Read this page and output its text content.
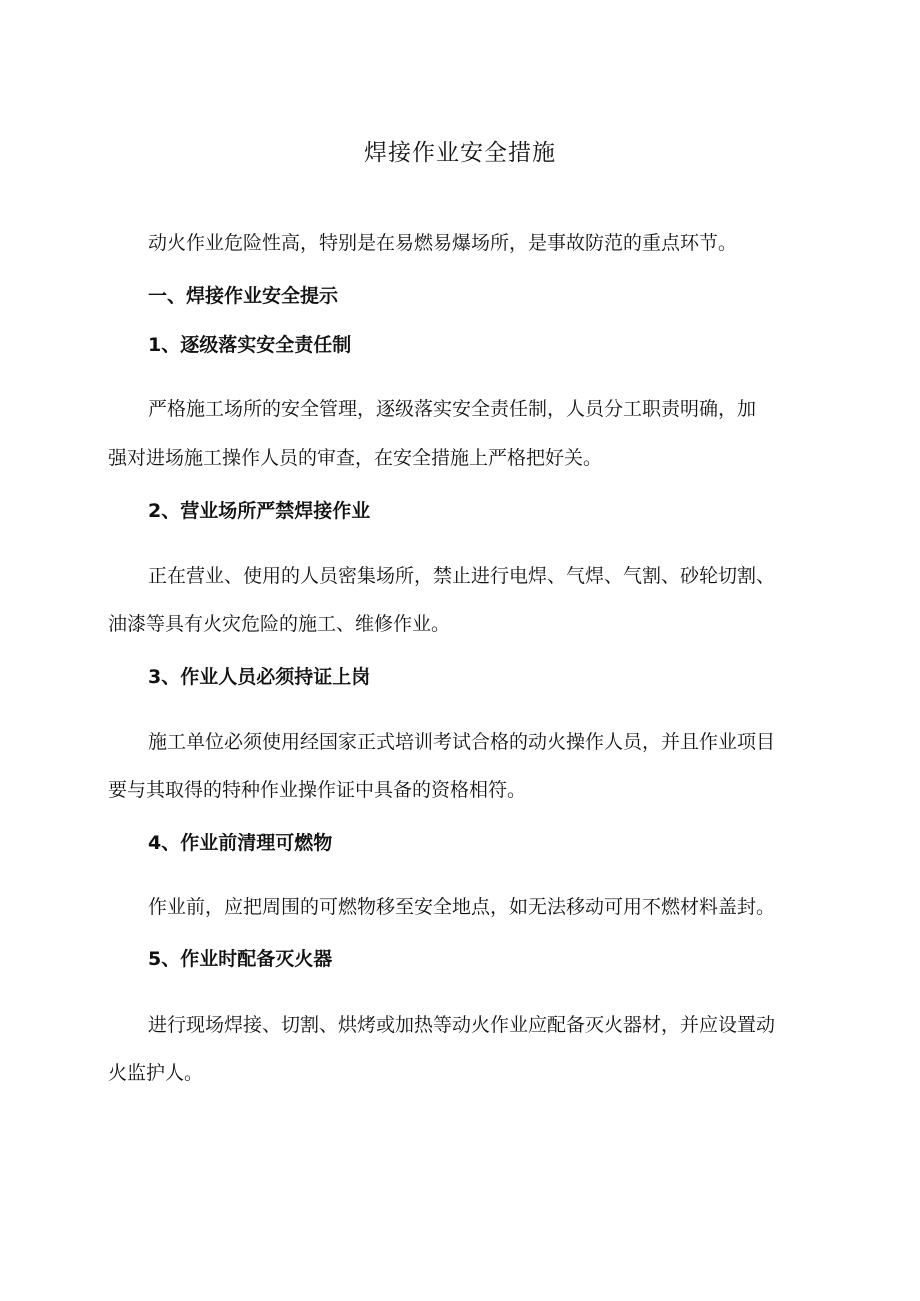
焊接作业安全措施

动火作业危险性高，特别是在易燃易爆场所，是事故防范的重点环节。

一、焊接作业安全提示

1、逐级落实安全责任制

严格施工场所的安全管理，逐级落实安全责任制，人员分工职责明确，加

强对进场施工操作人员的审查，在安全措施上严格把好关。

2、营业场所严禁焊接作业

正在营业、使用的人员密集场所，禁止进行电焊、气焊、气割、砂轮切割、

油漆等具有火灾危险的施工、维修作业。

3、作业人员必须持证上岗

施工单位必须使用经国家正式培训考试合格的动火操作人员，并且作业项目

要与其取得的特种作业操作证中具备的资格相符。

4、作业前清理可燃物

作业前，应把周围的可燃物移至安全地点，如无法移动可用不燃材料盖封。

5、作业时配备灭火器

进行现场焊接、切割、烘烤或加热等动火作业应配备灭火器材，并应设置动

火监护人。
